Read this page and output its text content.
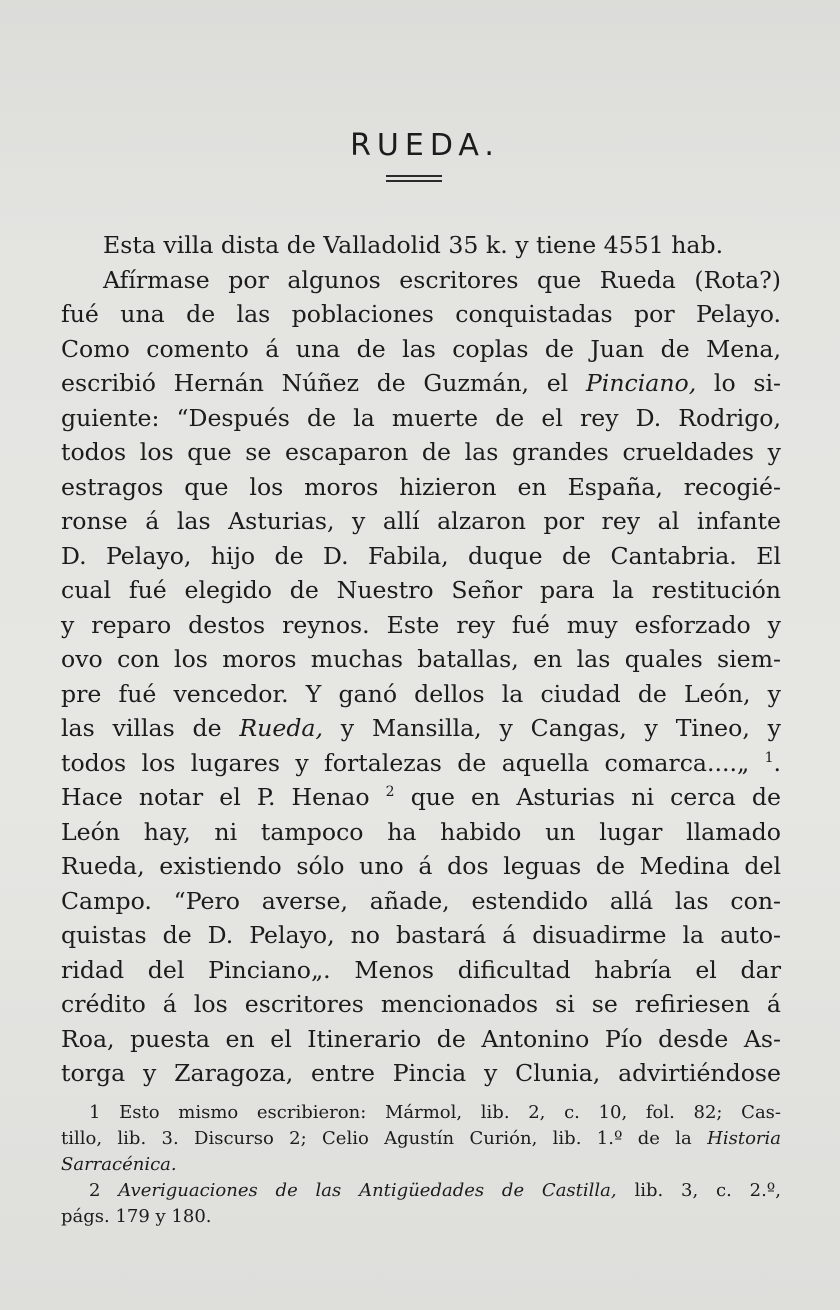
RUEDA.
Esta villa dista de Valladolid 35 k. y tiene 4551 hab.
Afírmase por algunos escritores que Rueda (Rota?)
fué una de las poblaciones conquistadas por Pelayo.
Como comento á una de las coplas de Juan de Mena,
escribió Hernán Núñez de Guzmán, el Pinciano, lo si-
guiente: “Después de la muerte de el rey D. Rodrigo,
todos los que se escaparon de las grandes crueldades y
estragos que los moros hizieron en España, recogié-
ronse á las Asturias, y allí alzaron por rey al infante
D. Pelayo, hijo de D. Fabila, duque de Cantabria. El
cual fué elegido de Nuestro Señor para la restitución
y reparo destos reynos. Este rey fué muy esforzado y
ovo con los moros muchas batallas, en las quales siem-
pre fué vencedor. Y ganó dellos la ciudad de León, y
las villas de Rueda, y Mansilla, y Cangas, y Tineo, y
todos los lugares y fortalezas de aquella comarca....„ $^1$.
Hace notar el P. Henao $^2$ que en Asturias ni cerca de
León hay, ni tampoco ha habido un lugar llamado
Rueda, existiendo sólo uno á dos leguas de Medina del
Campo. “Pero averse, añade, estendido allá las con-
quistas de D. Pelayo, no bastará á disuadirme la auto-
ridad del Pinciano„. Menos dificultad habría el dar
crédito á los escritores mencionados si se refiriesen á
Roa, puesta en el Itinerario de Antonino Pío desde As-
torga y Zaragoza, entre Pincia y Clunia, advirtiéndose
1 Esto mismo escribieron: Mármol, lib. 2, c. 10, fol. 82; Cas-
tillo, lib. 3. Discurso 2; Celio Agustín Curión, lib. 1.º de la Historia
Sarracénica.
2 Averiguaciones de las Antigüedades de Castilla, lib. 3, c. 2.º,
págs. 179 y 180.
